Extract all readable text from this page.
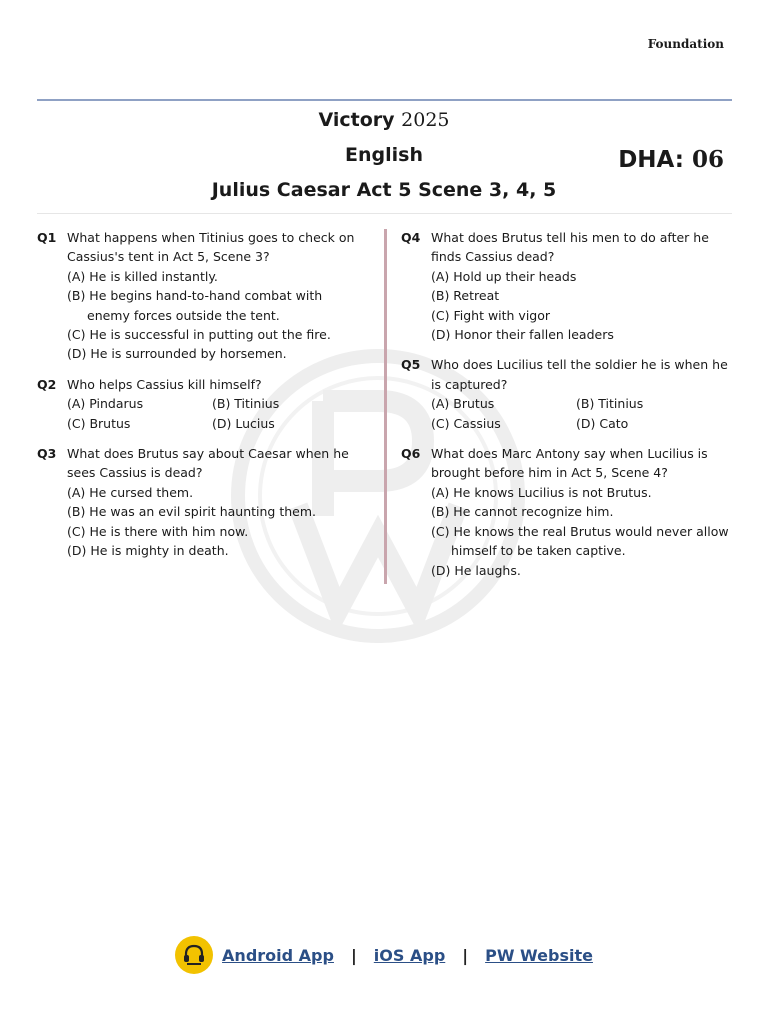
Foundation
Victory 2025
English
Julius Caesar Act 5 Scene 3, 4, 5
DHA: 06
Q1 What happens when Titinius goes to check on Cassius's tent in Act 5, Scene 3?
(A) He is killed instantly.
(B) He begins hand-to-hand combat with enemy forces outside the tent.
(C) He is successful in putting out the fire.
(D) He is surrounded by horsemen.
Q2 Who helps Cassius kill himself?
(A) Pindarus	(B) Titinius
(C) Brutus	(D) Lucius
Q3 What does Brutus say about Caesar when he sees Cassius is dead?
(A) He cursed them.
(B) He was an evil spirit haunting them.
(C) He is there with him now.
(D) He is mighty in death.
Q4 What does Brutus tell his men to do after he finds Cassius dead?
(A) Hold up their heads
(B) Retreat
(C) Fight with vigor
(D) Honor their fallen leaders
Q5 Who does Lucilius tell the soldier he is when he is captured?
(A) Brutus	(B) Titinius
(C) Cassius	(D) Cato
Q6 What does Marc Antony say when Lucilius is brought before him in Act 5, Scene 4?
(A) He knows Lucilius is not Brutus.
(B) He cannot recognize him.
(C) He knows the real Brutus would never allow himself to be taken captive.
(D) He laughs.
Android App | iOS App | PW Website
